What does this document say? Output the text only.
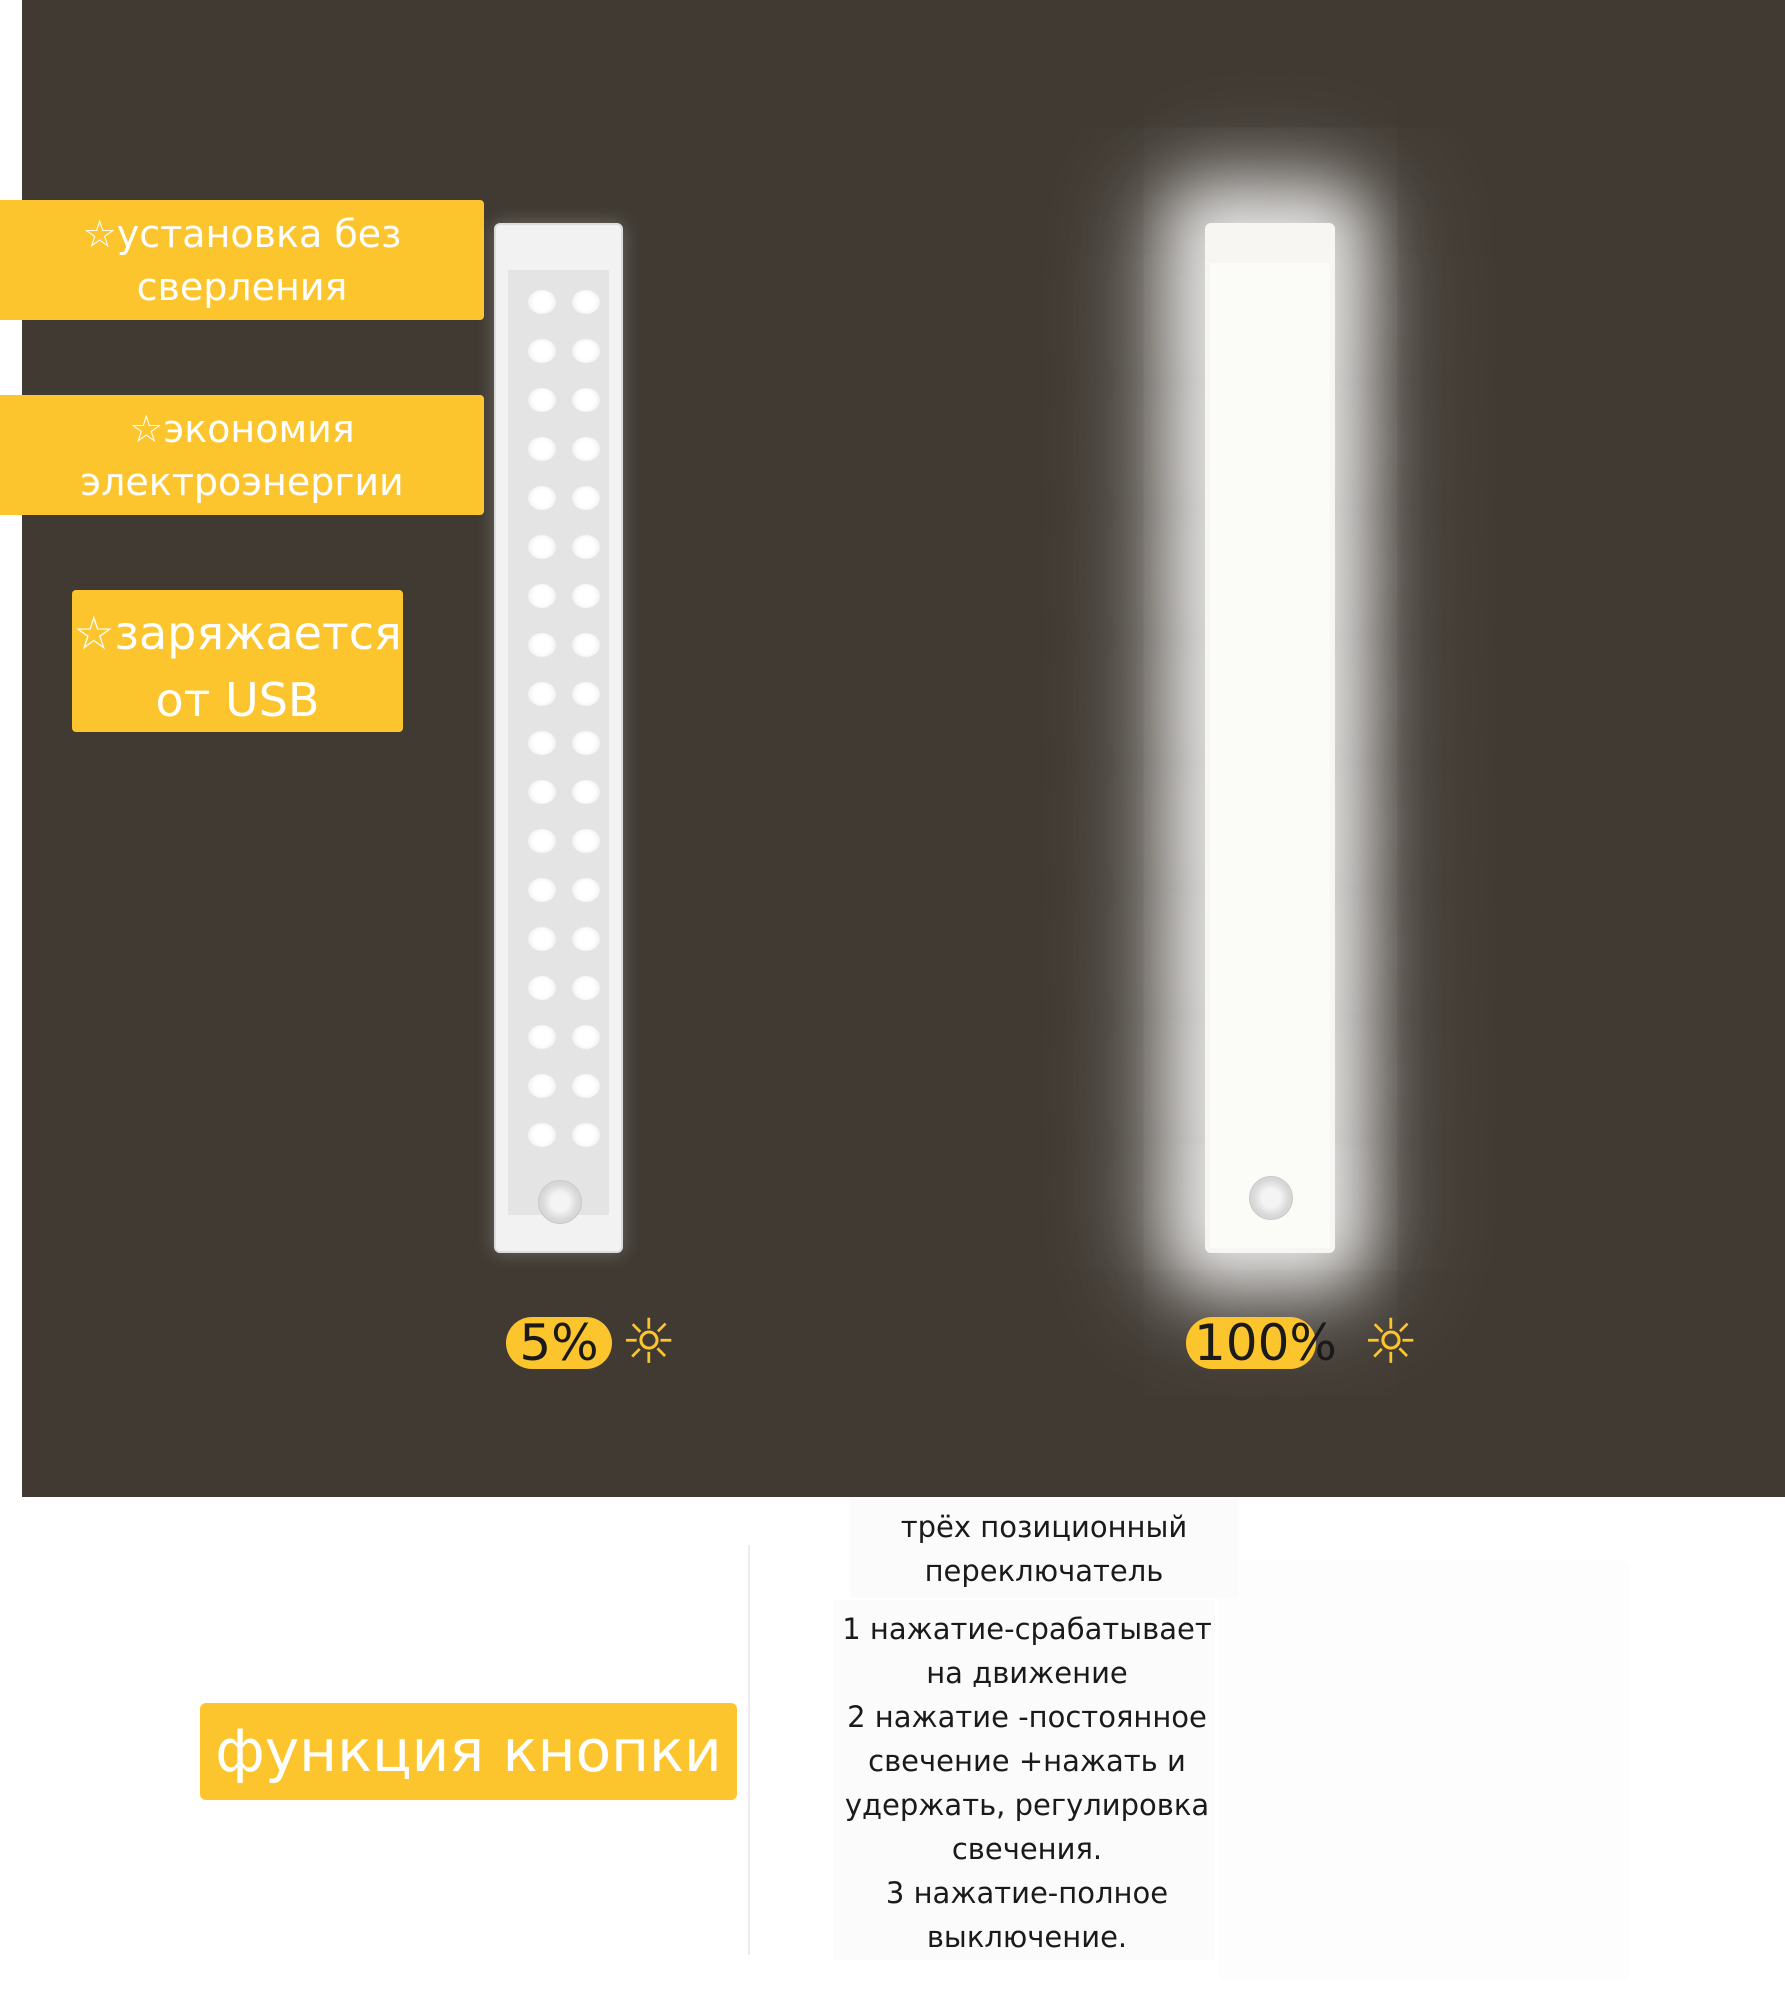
☆установка без
сверления
☆экономия
электроэнергии
☆заряжается
от USB
5% ☼	100% ☼
трёх позиционный
переключатель
1 нажатие-срабатывает
на движение
2 нажатие -постоянное
свечение +нажать и
удержать, регулировка
свечения.
3 нажатие-полное
выключение.
функция кнопки
